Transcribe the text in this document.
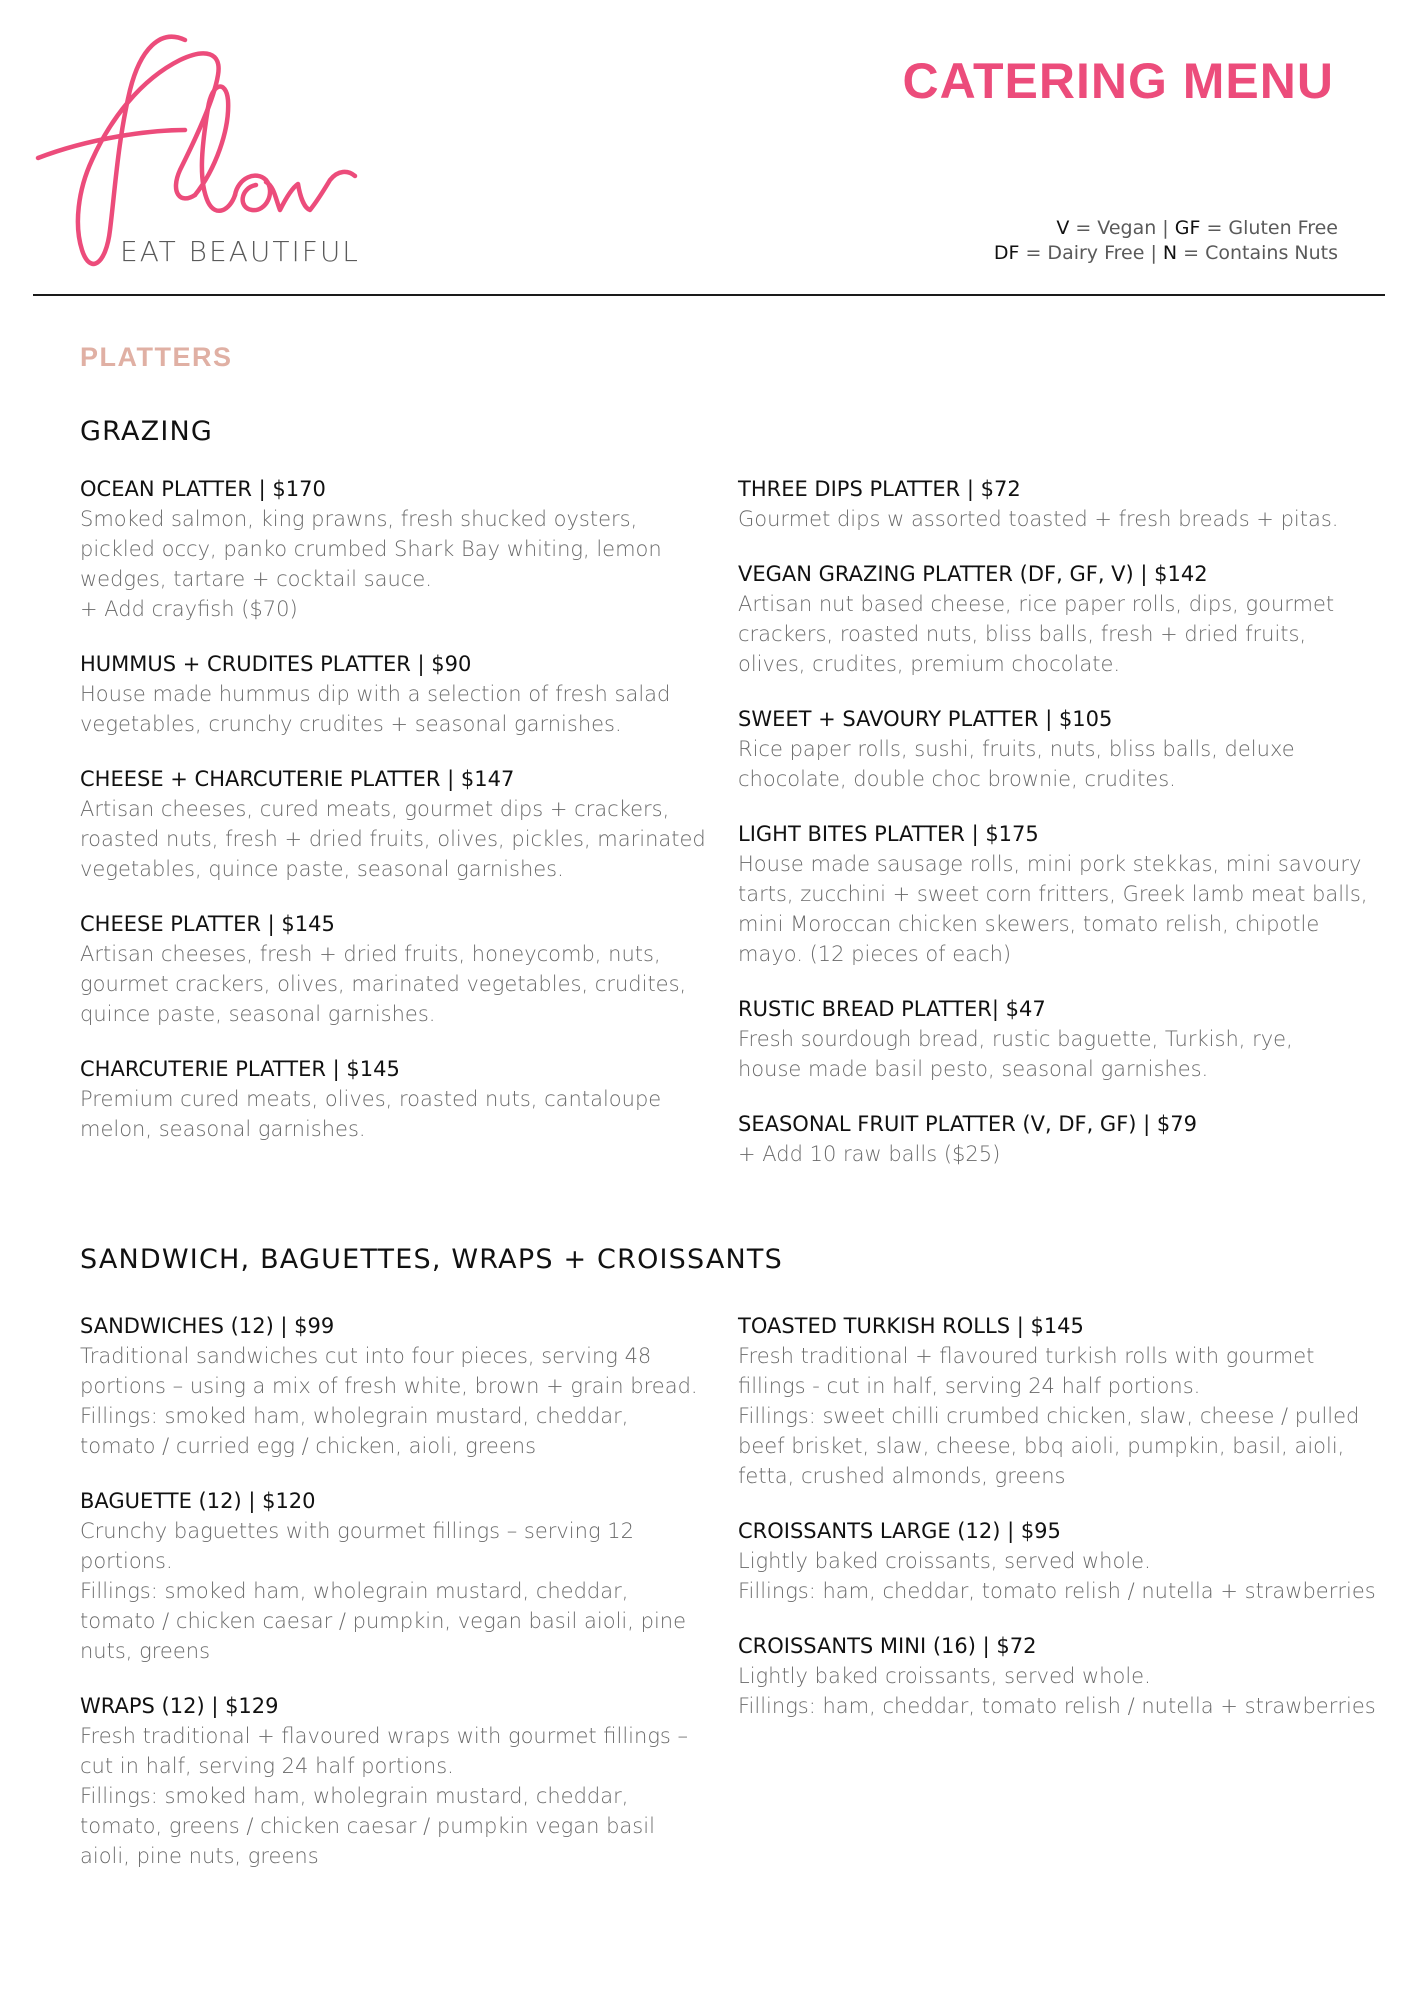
EAT BEAUTIFUL
CATERING MENU
V = Vegan | GF = Gluten Free
DF = Dairy Free | N = Contains Nuts
PLATTERS
GRAZING
OCEAN PLATTER | $170
Smoked salmon, king prawns, fresh shucked oysters,
pickled occy, panko crumbed Shark Bay whiting, lemon
wedges, tartare + cocktail sauce.
+ Add crayfish ($70)
HUMMUS + CRUDITES PLATTER | $90
House made hummus dip with a selection of fresh salad
vegetables, crunchy crudites + seasonal garnishes.
CHEESE + CHARCUTERIE PLATTER | $147
Artisan cheeses, cured meats, gourmet dips + crackers,
roasted nuts, fresh + dried fruits, olives, pickles, marinated
vegetables, quince paste, seasonal garnishes.
CHEESE PLATTER | $145
Artisan cheeses, fresh + dried fruits, honeycomb, nuts,
gourmet crackers, olives, marinated vegetables, crudites,
quince paste, seasonal garnishes.
CHARCUTERIE PLATTER | $145
Premium cured meats, olives, roasted nuts, cantaloupe
melon, seasonal garnishes.
THREE DIPS PLATTER | $72
Gourmet dips w assorted toasted + fresh breads + pitas.
VEGAN GRAZING PLATTER (DF, GF, V) | $142
Artisan nut based cheese, rice paper rolls, dips, gourmet
crackers, roasted nuts, bliss balls, fresh + dried fruits,
olives, crudites, premium chocolate.
SWEET + SAVOURY PLATTER | $105
Rice paper rolls, sushi, fruits, nuts, bliss balls, deluxe
chocolate, double choc brownie, crudites.
LIGHT BITES PLATTER | $175
House made sausage rolls, mini pork stekkas, mini savoury
tarts, zucchini + sweet corn fritters, Greek lamb meat balls,
mini Moroccan chicken skewers, tomato relish, chipotle
mayo. (12 pieces of each)
RUSTIC BREAD PLATTER| $47
Fresh sourdough bread, rustic baguette, Turkish, rye,
house made basil pesto, seasonal garnishes.
SEASONAL FRUIT PLATTER (V, DF, GF) | $79
+ Add 10 raw balls ($25)
SANDWICH, BAGUETTES, WRAPS + CROISSANTS
SANDWICHES (12) | $99
Traditional sandwiches cut into four pieces, serving 48
portions – using a mix of fresh white, brown + grain bread.
Fillings: smoked ham, wholegrain mustard, cheddar,
tomato / curried egg / chicken, aioli, greens
BAGUETTE (12) | $120
Crunchy baguettes with gourmet fillings – serving 12
portions.
Fillings: smoked ham, wholegrain mustard, cheddar,
tomato / chicken caesar / pumpkin, vegan basil aioli, pine
nuts, greens
WRAPS (12) | $129
Fresh traditional + flavoured wraps with gourmet fillings –
cut in half, serving 24 half portions.
Fillings: smoked ham, wholegrain mustard, cheddar,
tomato, greens / chicken caesar / pumpkin vegan basil
aioli, pine nuts, greens
TOASTED TURKISH ROLLS | $145
Fresh traditional + flavoured turkish rolls with gourmet
fillings - cut in half, serving 24 half portions.
Fillings: sweet chilli crumbed chicken, slaw, cheese / pulled
beef brisket, slaw, cheese, bbq aioli, pumpkin, basil, aioli,
fetta, crushed almonds, greens
CROISSANTS LARGE (12) | $95
Lightly baked croissants, served whole.
Fillings: ham, cheddar, tomato relish / nutella + strawberries
CROISSANTS MINI (16) | $72
Lightly baked croissants, served whole.
Fillings: ham, cheddar, tomato relish / nutella + strawberries
